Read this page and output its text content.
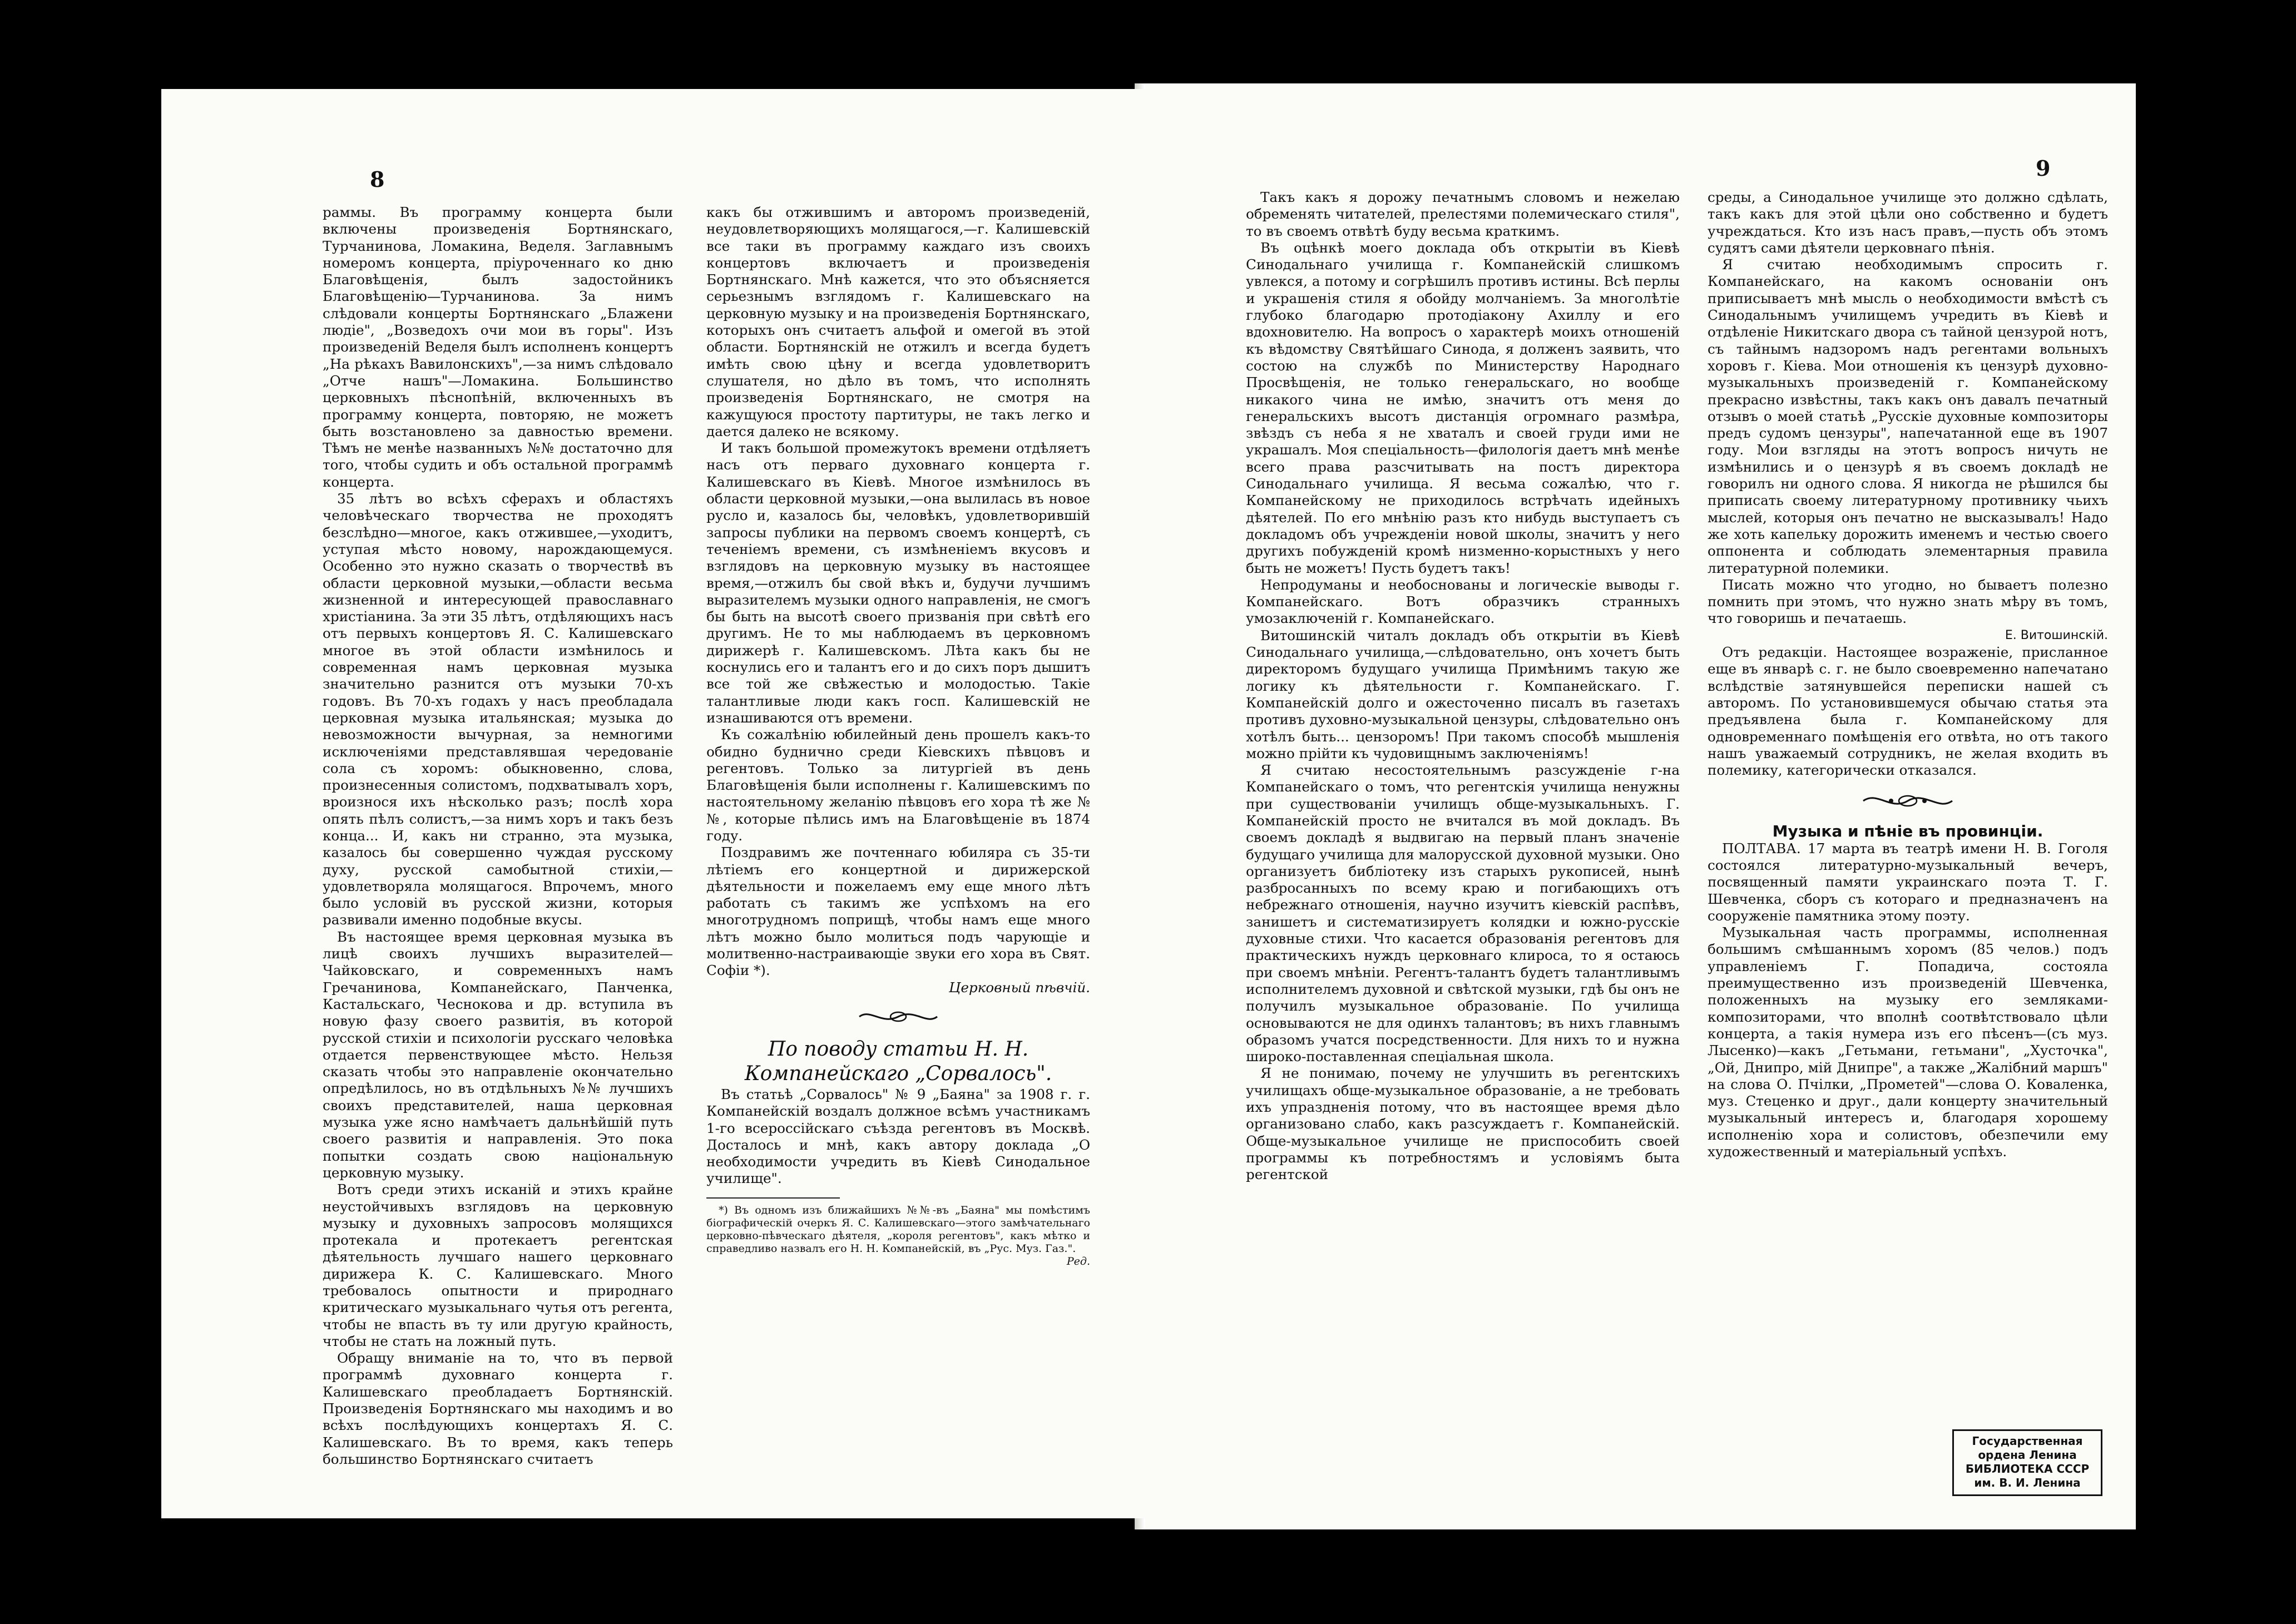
8

раммы. Въ программу концерта были включены произведенія Бортнянскаго, Турчанинова, Ломакина, Веделя. Заглавнымъ номеромъ концерта, пріуроченнаго ко дню Благовѣщенія, былъ задостойникъ Благовѣщенію—Турчанинова. За нимъ слѣдовали концерты Бортнянскаго „Блажени людіе", „Возведохъ очи мои въ горы". Изъ произведеній Веделя былъ исполненъ концертъ „На рѣкахъ Вавилонскихъ",—за нимъ слѣдовало „Отче нашъ"—Ломакина. Большинство церковныхъ пѣснопѣній, включенныхъ въ программу концерта, повторяю, не можетъ быть возстановлено за давностью времени. Тѣмъ не менѣе названныхъ №№ достаточно для того, чтобы судить и объ остальной программѣ концерта.

35 лѣтъ во всѣхъ сферахъ и областяхъ человѣческаго творчества не проходятъ безслѣдно—многое, какъ отжившее,—уходитъ, уступая мѣсто новому, нарождающемуся. Особенно это нужно сказать о творчествѣ въ области церковной музыки,—области весьма жизненной и интересующей православнаго христіанина. За эти 35 лѣтъ, отдѣляющихъ насъ отъ первыхъ концертовъ Я. С. Калишевскаго многое въ этой области измѣнилось и современная намъ церковная музыка значительно разнится отъ музыки 70-хъ годовъ. Въ 70-хъ годахъ у насъ преобладала церковная музыка итальянская; музыка до невозможности вычурная, за немногими исключеніями представлявшая чередованіе сола съ хоромъ: обыкновенно, слова, произнесенныя солистомъ, подхватывалъ хоръ, вроизнося ихъ нѣсколько разъ; послѣ хора опять пѣлъ солистъ,—за нимъ хоръ и такъ безъ конца... И, какъ ни странно, эта музыка, казалось бы совершенно чуждая русскому духу, русской самобытной стихіи,—удовлетворяла молящагося. Впрочемъ, много было условій въ русской жизни, которыя развивали именно подобные вкусы.

Въ настоящее время церковная музыка въ лицѣ своихъ лучшихъ выразителей—Чайковскаго, и современныхъ намъ Гречанинова, Компанейскаго, Панченка, Кастальскаго, Чеснокова и др. вступила въ новую фазу своего развитія, въ которой русской стихіи и психологіи русскаго человѣка отдается первенствующее мѣсто. Нельзя сказать чтобы это направленіе окончательно опредѣлилось, но въ отдѣльныхъ №№ лучшихъ своихъ представителей, наша церковная музыка уже ясно намѣчаетъ дальнѣйшій путь своего развитія и направленія. Это пока попытки создать свою національную церковную музыку.

Вотъ среди этихъ исканій и этихъ крайне неустойчивыхъ взглядовъ на церковную музыку и духовныхъ запросовъ молящихся протекала и протекаетъ регентская дѣятельность лучшаго нашего церковнаго дирижера К. С. Калишевскаго. Много требовалось опытности и природнаго критическаго музыкальнаго чутья отъ регента, чтобы не впасть въ ту или другую крайность, чтобы не стать на ложный путь.

Обращу вниманіе на то, что въ первой программѣ духовнаго концерта г. Калишевскаго преобладаетъ Бортнянскій. Произведенія Бортнянскаго мы находимъ и во всѣхъ послѣдующихъ концертахъ Я. С. Калишевскаго. Въ то время, какъ теперь большинство Бортнянскаго считаетъ

какъ бы отжившимъ и авторомъ произведеній, неудовлетворяющихъ молящагося,—г. Калишевскій все таки въ программу каждаго изъ своихъ концертовъ включаетъ и произведенія Бортнянскаго. Мнѣ кажется, что это объясняется серьезнымъ взглядомъ г. Калишевскаго на церковную музыку и на произведенія Бортнянскаго, которыхъ онъ считаетъ альфой и омегой въ этой области. Бортнянскій не отжилъ и всегда будетъ имѣть свою цѣну и всегда удовлетворитъ слушателя, но дѣло въ томъ, что исполнять произведенія Бортнянскаго, не смотря на кажущуюся простоту партитуры, не такъ легко и дается далеко не всякому.

И такъ большой промежутокъ времени отдѣляетъ насъ отъ перваго духовнаго концерта г. Калишевскаго въ Кіевѣ. Многое измѣнилось въ области церковной музыки,—она вылилась въ новое русло и, казалось бы, человѣкъ, удовлетворившій запросы публики на первомъ своемъ концертѣ, съ теченіемъ времени, съ измѣненіемъ вкусовъ и взглядовъ на церковную музыку въ настоящее время,—отжилъ бы свой вѣкъ и, будучи лучшимъ выразителемъ музыки одного направленія, не смогъ бы быть на высотѣ своего призванія при свѣтѣ его другимъ. Не то мы наблюдаемъ въ церковномъ дирижерѣ г. Калишевскомъ. Лѣта какъ бы не коснулись его и талантъ его и до сихъ поръ дышитъ все той же свѣжестью и молодостью. Такіе талантливые люди какъ госп. Калишевскій не изнашиваются отъ времени.

Къ сожалѣнію юбилейный день прошелъ какъ-то обидно буднично среди Кіевскихъ пѣвцовъ и регентовъ. Только за литургіей въ день Благовѣщенія были исполнены г. Калишевскимъ по настоятельному желанію пѣвцовъ его хора тѣ же №№, которые пѣлись имъ на Благовѣщеніе въ 1874 году.

Поздравимъ же почтеннаго юбиляра съ 35-ти лѣтіемъ его концертной и дирижерской дѣятельности и пожелаемъ ему еще много лѣтъ работать съ такимъ же успѣхомъ на его многотрудномъ поприщѣ, чтобы намъ еще много лѣтъ можно было молиться подъ чарующіе и молитвенно-настраивающіе звуки его хора въ Свят. Софіи *).

Церковный пѣвчій.

По поводу статьи Н. Н. Компанейскаго „Сорвалось".

Въ статьѣ „Сорвалось" № 9 „Баяна" за 1908 г. г. Компанейскій воздалъ должное всѣмъ участникамъ 1-го всероссійскаго съѣзда регентовъ въ Москвѣ. Досталось и мнѣ, какъ автору доклада „О необходимости учредить въ Кіевѣ Синодальное училище".

*) Въ одномъ изъ ближайшихъ №№-въ „Баяна" мы помѣстимъ біографическій очеркъ Я. С. Калишевскаго—этого замѣчательнаго церковно-пѣвческаго дѣятеля, „короля регентовъ", какъ мѣтко и справедливо назвалъ его Н. Н. Компанейскій, въ „Рус. Муз. Газ.".

Ред.

9

Такъ какъ я дорожу печатнымъ словомъ и нежелаю обременять читателей, прелестями полемическаго стиля", то въ своемъ отвѣтѣ буду весьма краткимъ.

Въ оцѣнкѣ моего доклада объ открытіи въ Кіевѣ Синодальнаго училища г. Компанейскій слишкомъ увлекся, а потому и согрѣшилъ противъ истины. Всѣ перлы и украшенія стиля я обойду молчаніемъ. За многолѣтіе глубоко благодарю протодіакону Ахиллу и его вдохновителю. На вопросъ о характерѣ моихъ отношеній къ вѣдомству Святѣйшаго Синода, я долженъ заявить, что состою на службѣ по Министерству Народнаго Просвѣщенія, не только генеральскаго, но вообще никакого чина не имѣю, значитъ отъ меня до генеральскихъ высотъ дистанція огромнаго размѣра, звѣздъ съ неба я не хваталъ и своей груди ими не украшалъ. Моя спеціальность—филологія даетъ мнѣ менѣе всего права разсчитывать на постъ директора Синодальнаго училища. Я весьма сожалѣю, что г. Компанейскому не приходилось встрѣчать идейныхъ дѣятелей. По его мнѣнію разъ кто нибудь выступаетъ съ докладомъ объ учрежденіи новой школы, значитъ у него другихъ побужденій кромѣ низменно-корыстныхъ у него быть не можетъ! Пусть будетъ такъ!

Непродуманы и необоснованы и логическіе выводы г. Компанейскаго. Вотъ образчикъ странныхъ умозаключеній г. Компанейскаго.

Витошинскій читалъ докладъ объ открытіи въ Кіевѣ Синодальнаго училища,—слѣдовательно, онъ хочетъ быть директоромъ будущаго училища Примѣнимъ такую же логику къ дѣятельности г. Компанейскаго. Г. Компанейскій долго и ожесточенно писалъ въ газетахъ противъ духовно-музыкальной цензуры, слѣдовательно онъ хотѣлъ быть... цензоромъ! При такомъ способѣ мышленія можно прійти къ чудовищнымъ заключеніямъ!

Я считаю несостоятельнымъ разсужденіе г-на Компанейскаго о томъ, что регентскія училища ненужны при существованіи училищъ обще-музыкальныхъ. Г. Компанейскій просто не вчитался въ мой докладъ. Въ своемъ докладѣ я выдвигаю на первый планъ значеніе будущаго училища для малорусской духовной музыки. Оно организуетъ библіотеку изъ старыхъ рукописей, нынѣ разбросанныхъ по всему краю и погибающихъ отъ небрежнаго отношенія, научно изучитъ кіевскій распѣвъ, занишетъ и систематизируетъ колядки и южно-русскіе духовные стихи. Что касается образованія регентовъ для практическихъ нуждъ церковнаго клироса, то я остаюсь при своемъ мнѣніи. Регентъ-талантъ будетъ талантливымъ исполнителемъ духовной и свѣтской музыки, гдѣ бы онъ не получилъ музыкальное образованіе. По училища основываются не для одинхъ талантовъ; въ нихъ главнымъ образомъ учатся посредственности. Для нихъ то и нужна широко-поставленная спеціальная школа.

Я не понимаю, почему не улучшить въ регентскихъ училищахъ обще-музыкальное образованіе, а не требовать ихъ упраздненія потому, что въ настоящее время дѣло организовано слабо, какъ разсуждаетъ г. Компанейскій. Обще-музыкальное училище не приспособить своей программы къ потребностямъ и условіямъ быта регентской

среды, а Синодальное училище это должно сдѣлать, такъ какъ для этой цѣли оно собственно и будетъ учреждаться. Кто изъ насъ правъ,—пусть объ этомъ судятъ сами дѣятели церковнаго пѣнія.

Я считаю необходимымъ спросить г. Компанейскаго, на какомъ основаніи онъ приписываетъ мнѣ мысль о необходимости вмѣстѣ съ Синодальнымъ училищемъ учредить въ Кіевѣ и отдѣленіе Никитскаго двора съ тайной цензурой нотъ, съ тайнымъ надзоромъ надъ регентами вольныхъ хоровъ г. Кіева. Мои отношенія къ цензурѣ духовно-музыкальныхъ произведеній г. Компанейскому прекрасно извѣстны, такъ какъ онъ давалъ печатный отзывъ о моей статьѣ „Русскіе духовные композиторы предъ судомъ цензуры", напечатанной еще въ 1907 году. Мои взгляды на этотъ вопросъ ничуть не измѣнились и о цензурѣ я въ своемъ докладѣ не говорилъ ни одного слова. Я никогда не рѣшился бы приписать своему литературному противнику чьихъ мыслей, которыя онъ печатно не высказывалъ! Надо же хоть капельку дорожить именемъ и честью своего оппонента и соблюдать элементарныя правила литературной полемики.

Писать можно что угодно, но бываетъ полезно помнить при этомъ, что нужно знать мѣру въ томъ, что говоришь и печатаешь.

Е. Витошинскій.

Отъ редакціи. Настоящее возраженіе, присланное еще въ январѣ с. г. не было своевременно напечатано вслѣдствіе затянувшейся переписки нашей съ авторомъ. По установившемуся обычаю статья эта предъявлена была г. Компанейскому для одновременнаго помѣщенія его отвѣта, но отъ такого нашъ уважаемый сотрудникъ, не желая входить въ полемику, категорически отказался.

Музыка и пѣніе въ провинціи.

ПОЛТАВА. 17 марта въ театрѣ имени Н. В. Гоголя состоялся литературно-музыкальный вечеръ, посвященный памяти украинскаго поэта Т. Г. Шевченка, сборъ съ котораго и предназначенъ на сооруженіе памятника этому поэту.

Музыкальная часть программы, исполненная большимъ смѣшаннымъ хоромъ (85 челов.) подъ управленіемъ Г. Попадича, состояла преимущественно изъ произведеній Шевченка, положенныхъ на музыку его земляками-композиторами, что вполнѣ соотвѣтствовало цѣли концерта, а такія нумера изъ его пѣсенъ—(съ муз. Лысенко)—какъ „Гетьмани, гетьмани", „Хусточка", „Ой, Днипро, мій Днипре", а также „Жалібний маршъ" на слова О. Пчілки, „Прометей"—слова О. Коваленка, муз. Стеценко и друг., дали концерту значительный музыкальный интересъ и, благодаря хорошему исполненію хора и солистовъ, обезпечили ему художественный и матеріальный успѣхъ.

Государственная
ордена Ленина
БИБЛИОТЕКА СССР
им. В. И. Ленина
